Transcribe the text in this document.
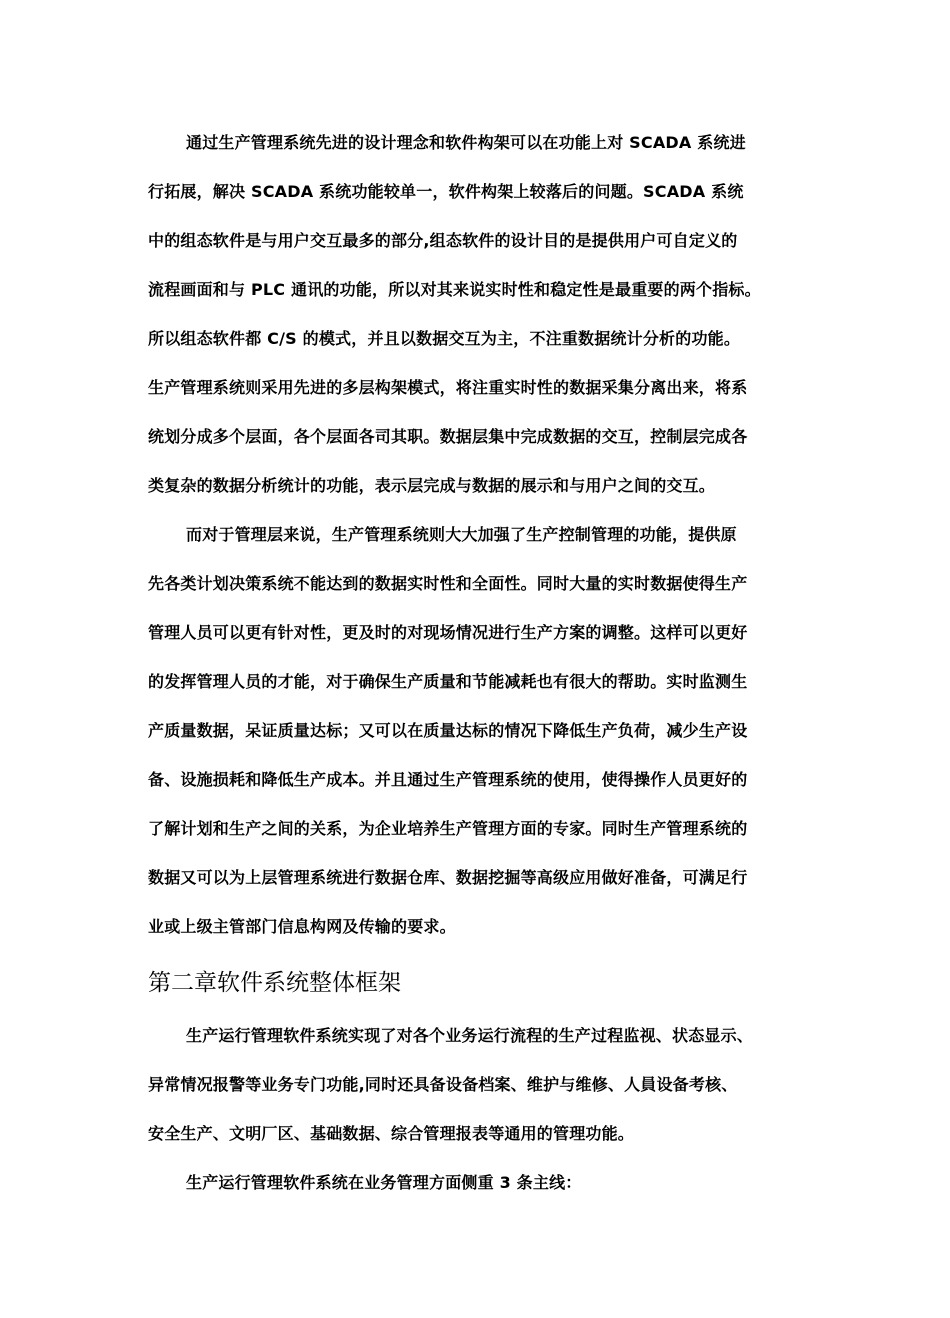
通过生产管理系统先进的设计理念和软件构架可以在功能上对 SCADA 系统进
行拓展，解决 SCADA 系统功能较单一，软件构架上较落后的问题。SCADA 系统
中的组态软件是与用户交互最多的部分,组态软件的设计目的是提供用户可自定义的
流程画面和与 PLC 通讯的功能，所以对其来说实时性和稳定性是最重要的两个指标。
所以组态软件都 C/S 的模式，并且以数据交互为主，不注重数据统计分析的功能。
生产管理系统则采用先进的多层构架模式，将注重实时性的数据采集分离出来，将系
统划分成多个层面，各个层面各司其职。数据层集中完成数据的交互，控制层完成各
类复杂的数据分析统计的功能，表示层完成与数据的展示和与用户之间的交互。

而对于管理层来说，生产管理系统则大大加强了生产控制管理的功能，提供原
先各类计划决策系统不能达到的数据实时性和全面性。同时大量的实时数据使得生产
管理人员可以更有针对性，更及时的对现场情况进行生产方案的调整。这样可以更好
的发挥管理人员的才能，对于确保生产质量和节能减耗也有很大的帮助。实时监测生
产质量数据，呆证质量达标；又可以在质量达标的情况下降低生产负荷，减少生产设
备、设施损耗和降低生产成本。并且通过生产管理系统的使用，使得操作人员更好的
了解计划和生产之间的关系，为企业培养生产管理方面的专家。同时生产管理系统的
数据又可以为上层管理系统进行数据仓库、数据挖掘等高级应用做好准备，可满足行
业或上级主管部门信息构网及传输的要求。

第二章软件系统整体框架

生产运行管理软件系统实现了对各个业务运行流程的生产过程监视、状态显示、
异常情况报警等业务专门功能,同时还具备设备档案、维护与维修、人員设备考核、
安全生产、文明厂区、基础数据、综合管理报表等通用的管理功能。

生产运行管理软件系统在业务管理方面侧重 3 条主线：
